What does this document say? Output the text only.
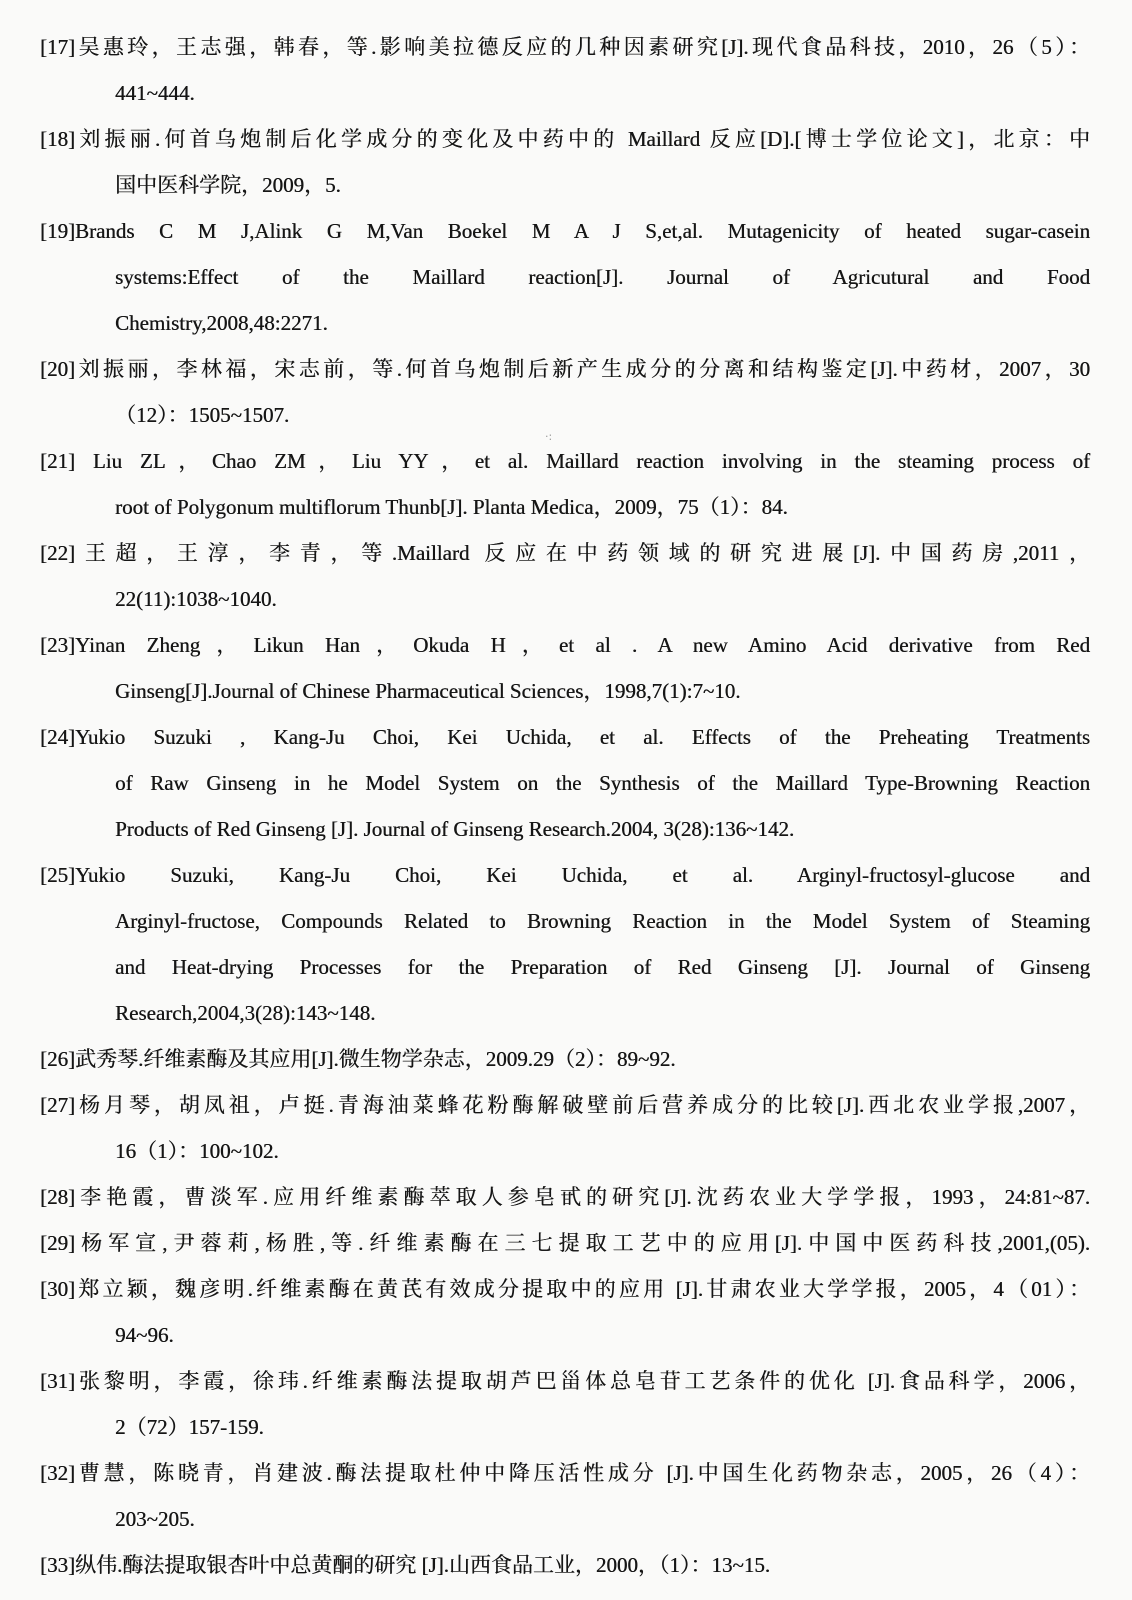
[17]吴惠玲，王志强，韩春，等.影响美拉德反应的几种因素研究[J].现代食品科技，2010，26（5）：
441~444.
[18]刘振丽.何首乌炮制后化学成分的变化及中药中的 Maillard 反应[D].[博士学位论文]，北京：中
国中医科学院，2009，5.
[19]Brands C M J,Alink G M,Van Boekel M A J S,et,al. Mutagenicity of heated sugar-casein
systems:Effect of the Maillard reaction[J]. Journal of Agricutural and Food
Chemistry,2008,48:2271.
[20]刘振丽，李林福，宋志前，等.何首乌炮制后新产生成分的分离和结构鉴定[J].中药材，2007，30
（12）：1505~1507.
[21] Liu ZL，Chao ZM，Liu YY，et al. Maillard reaction involving in the steaming process of
root of Polygonum multiflorum Thunb[J]. Planta Medica，2009，75（1）：84.
[22]王超，王淳，李青，等.Maillard 反应在中药领域的研究进展[J].中国药房,2011，
22(11):1038~1040.
[23]Yinan Zheng，Likun Han，Okuda H，et al . A new Amino Acid derivative from Red
Ginseng[J].Journal of Chinese Pharmaceutical Sciences，1998,7(1):7~10.
[24]Yukio Suzuki , Kang-Ju Choi, Kei Uchida, et al. Effects of the Preheating Treatments
of Raw Ginseng in he Model System on the Synthesis of the Maillard Type-Browning Reaction
Products of Red Ginseng [J]. Journal of Ginseng Research.2004, 3(28):136~142.
[25]Yukio Suzuki, Kang-Ju Choi, Kei Uchida, et al. Arginyl-fructosyl-glucose and
Arginyl-fructose, Compounds Related to Browning Reaction in the Model System of Steaming
and Heat-drying Processes for the Preparation of Red Ginseng [J]. Journal of Ginseng
Research,2004,3(28):143~148.
[26]武秀琴.纤维素酶及其应用[J].微生物学杂志，2009.29（2）：89~92.
[27]杨月琴，胡凤祖，卢挺.青海油菜蜂花粉酶解破壁前后营养成分的比较[J].西北农业学报,2007，
16（1）：100~102.
[28]李艳霞，曹淡军.应用纤维素酶萃取人参皂甙的研究[J].沈药农业大学学报，1993，24:81~87.
[29]杨军宣,尹蓉莉,杨胜,等.纤维素酶在三七提取工艺中的应用[J].中国中医药科技,2001,(05).
[30]郑立颖，魏彦明.纤维素酶在黄芪有效成分提取中的应用 [J].甘肃农业大学学报，2005，4（01）：
94~96.
[31]张黎明，李霞，徐玮.纤维素酶法提取胡芦巴甾体总皂苷工艺条件的优化 [J].食品科学，2006，
2（72）157-159.
[32]曹慧，陈晓青，肖建波.酶法提取杜仲中降压活性成分 [J].中国生化药物杂志，2005，26（4）：
203~205.
[33]纵伟.酶法提取银杏叶中总黄酮的研究 [J].山西食品工业，2000，（1）：13~15.
·:
